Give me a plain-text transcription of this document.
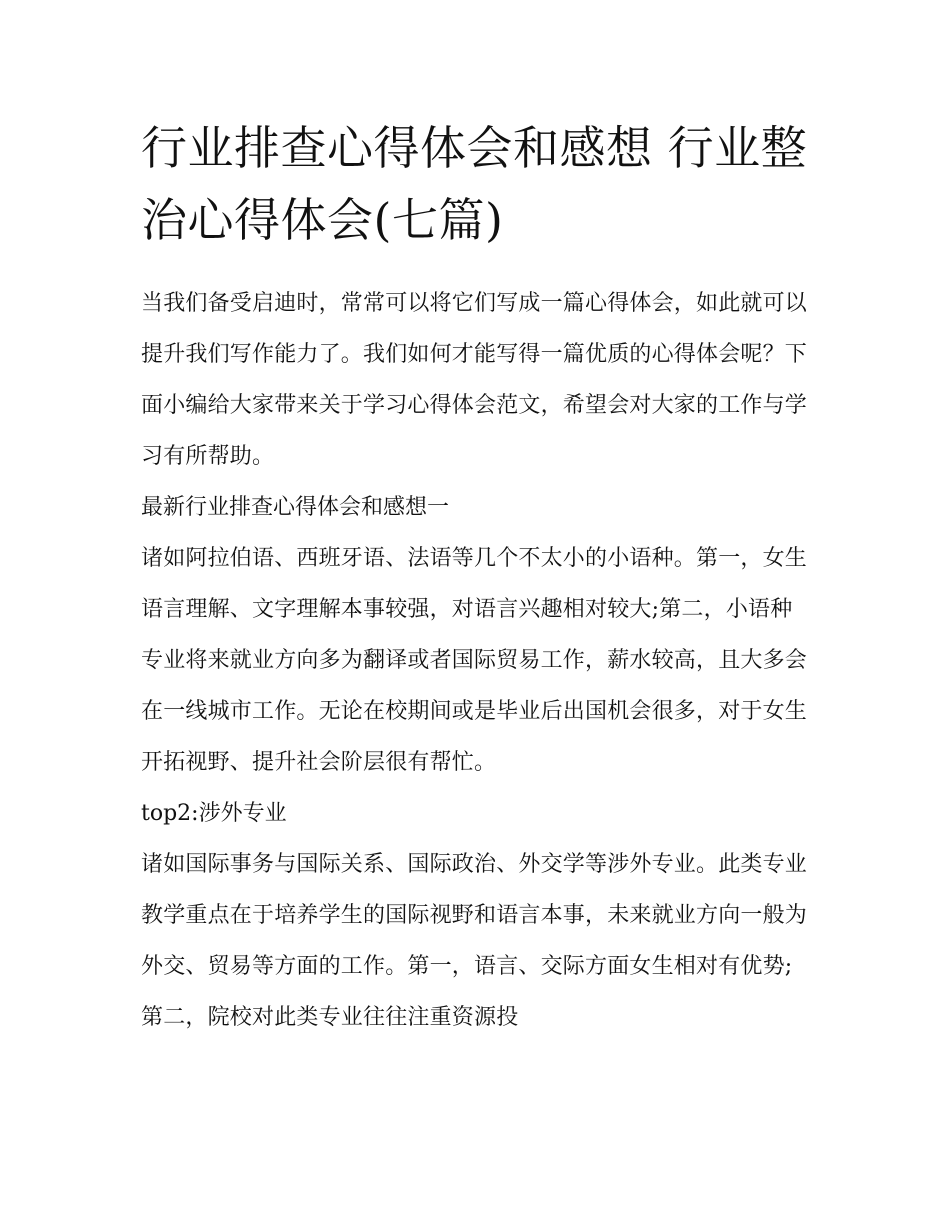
行业排查心得体会和感想 行业整治心得体会(七篇)

当我们备受启迪时，常常可以将它们写成一篇心得体会，如此就可以提升我们写作能力了。我们如何才能写得一篇优质的心得体会呢？下面小编给大家带来关于学习心得体会范文，希望会对大家的工作与学习有所帮助。

最新行业排查心得体会和感想一

诸如阿拉伯语、西班牙语、法语等几个不太小的小语种。第一，女生语言理解、文字理解本事较强，对语言兴趣相对较大;第二，小语种专业将来就业方向多为翻译或者国际贸易工作，薪水较高，且大多会在一线城市工作。无论在校期间或是毕业后出国机会很多，对于女生开拓视野、提升社会阶层很有帮忙。

top2:涉外专业

诸如国际事务与国际关系、国际政治、外交学等涉外专业。此类专业教学重点在于培养学生的国际视野和语言本事，未来就业方向一般为外交、贸易等方面的工作。第一，语言、交际方面女生相对有优势;第二，院校对此类专业往往注重资源投
